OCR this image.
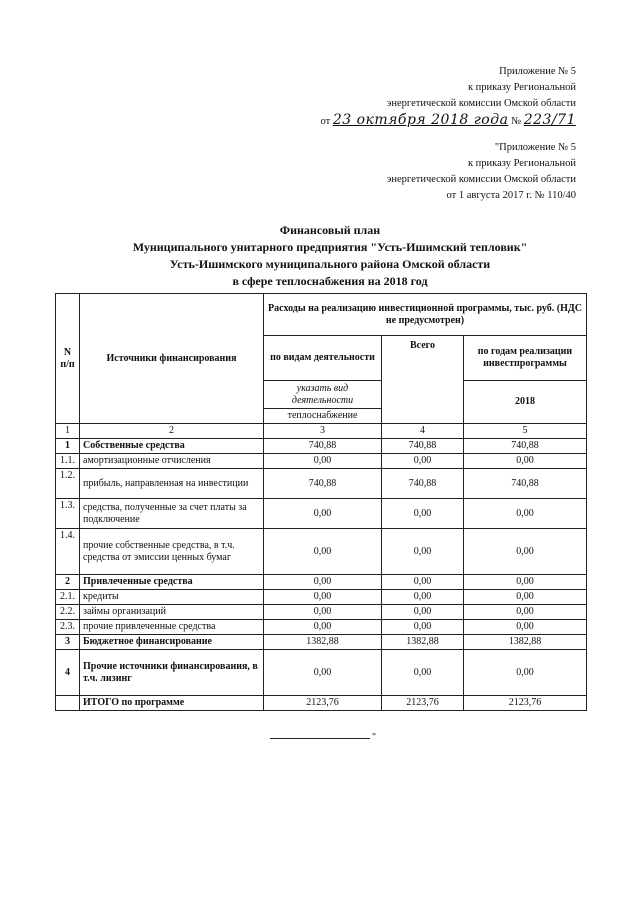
Приложение № 5
к приказу Региональной
энергетической комиссии Омской области
от 23 октября 2018 года № 223/71
"Приложение № 5
к приказу Региональной
энергетической комиссии Омской области
от 1 августа 2017 г. № 110/40
Финансовый план
Муниципального унитарного предприятия "Усть-Ишимский тепловик"
Усть-Ишимского муниципального района Омской области
в сфере теплоснабжения на 2018 год
N п/п	Источники финансирования	Расходы на реализацию инвестиционной программы, тыс. руб. (НДС не предусмотрен)		
		по видам деятельности	Всего	по годам реализации инвестпрограммы
		указать вид деятельности		2018
		теплоснабжение		
1	2	3	4	5
1	Собственные средства	740,88	740,88	740,88
1.1.	амортизационные отчисления	0,00	0,00	0,00
1.2.	прибыль, направленная на инвестиции	740,88	740,88	740,88
1.3.	средства, полученные за счет платы за подключение	0,00	0,00	0,00
1.4.	прочие собственные средства, в т.ч. средства от эмиссии ценных бумаг	0,00	0,00	0,00
2	Привлеченные средства	0,00	0,00	0,00
2.1.	кредиты	0,00	0,00	0,00
2.2.	займы организаций	0,00	0,00	0,00
2.3.	прочие привлеченные средства	0,00	0,00	0,00
3	Бюджетное финансирование	1382,88	1382,88	1382,88
4	Прочие источники финансирования, в т.ч. лизинг	0,00	0,00	0,00
	ИТОГО по программе	2123,76	2123,76	2123,76
"
